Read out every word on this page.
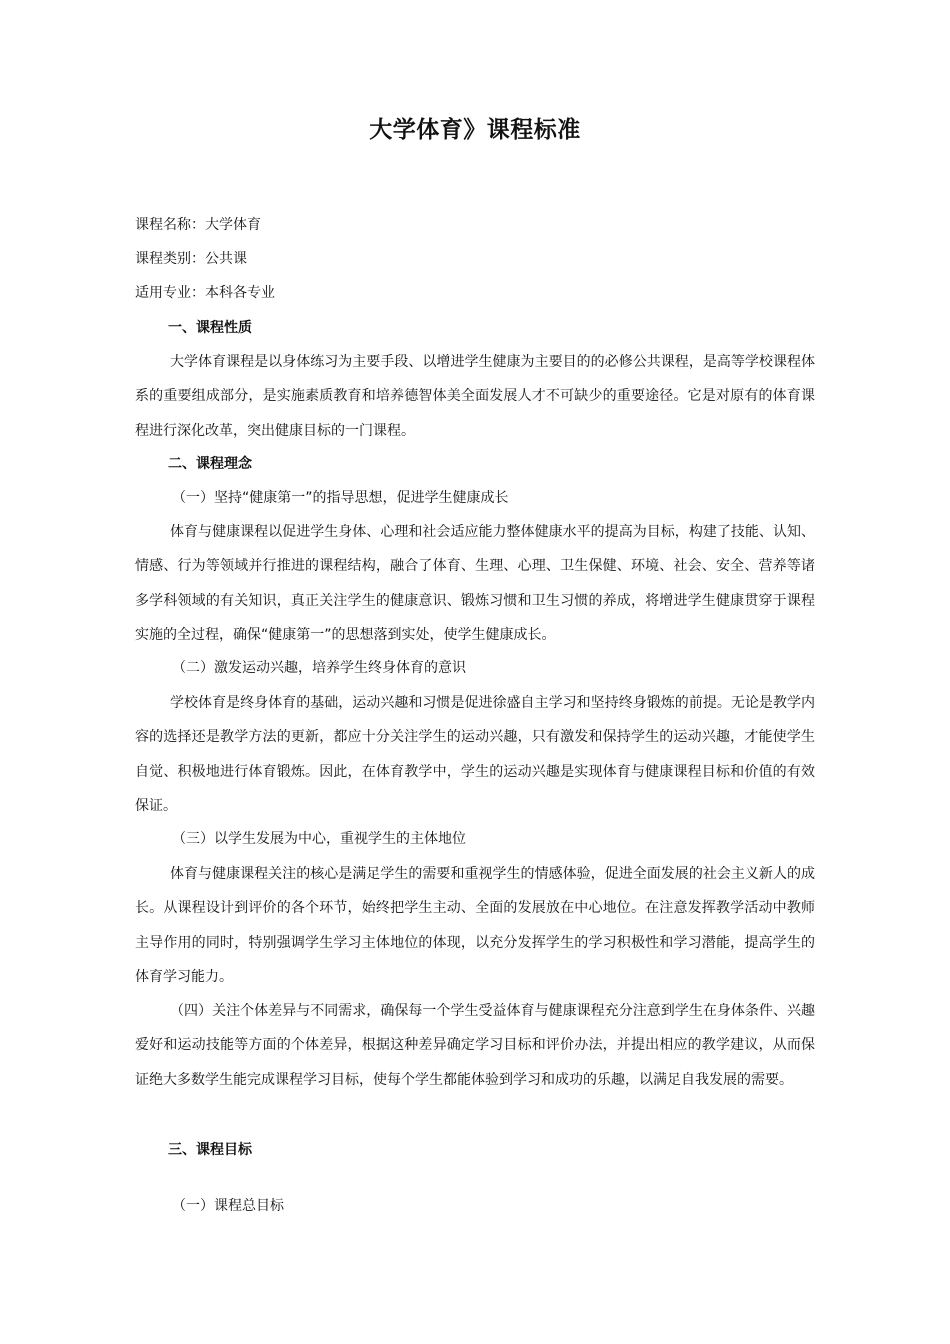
大学体育》课程标准
课程名称：大学体育
课程类别：公共课
适用专业：本科各专业
一、课程性质

大学体育课程是以身体练习为主要手段、以增进学生健康为主要目的的必修公共课程，是高等学校课程体系的重要组成部分，是实施素质教育和培养德智体美全面发展人才不可缺少的重要途径。它是对原有的体育课程进行深化改革，突出健康目标的一门课程。

二、课程理念
（一）坚持“健康第一”的指导思想，促进学生健康成长

体育与健康课程以促进学生身体、心理和社会适应能力整体健康水平的提高为目标，构建了技能、认知、情感、行为等领域并行推进的课程结构，融合了体育、生理、心理、卫生保健、环境、社会、安全、营养等诸多学科领域的有关知识，真正关注学生的健康意识、锻炼习惯和卫生习惯的养成，将增进学生健康贯穿于课程实施的全过程，确保“健康第一”的思想落到实处，使学生健康成长。

（二）激发运动兴趣，培养学生终身体育的意识

学校体育是终身体育的基础，运动兴趣和习惯是促进徐盛自主学习和坚持终身锻炼的前提。无论是教学内容的选择还是教学方法的更新，都应十分关注学生的运动兴趣，只有激发和保持学生的运动兴趣，才能使学生自觉、积极地进行体育锻炼。因此，在体育教学中，学生的运动兴趣是实现体育与健康课程目标和价值的有效保证。

（三）以学生发展为中心，重视学生的主体地位

体育与健康课程关注的核心是满足学生的需要和重视学生的情感体验，促进全面发展的社会主义新人的成长。从课程设计到评价的各个环节，始终把学生主动、全面的发展放在中心地位。在注意发挥教学活动中教师主导作用的同时，特别强调学生学习主体地位的体现，以充分发挥学生的学习积极性和学习潜能，提高学生的体育学习能力。

（四）关注个体差异与不同需求，确保每一个学生受益体育与健康课程充分注意到学生在身体条件、兴趣爱好和运动技能等方面的个体差异，根据这种差异确定学习目标和评价办法，并提出相应的教学建议，从而保证绝大多数学生能完成课程学习目标，使每个学生都能体验到学习和成功的乐趣，以满足自我发展的需要。

三、课程目标
（一）课程总目标
